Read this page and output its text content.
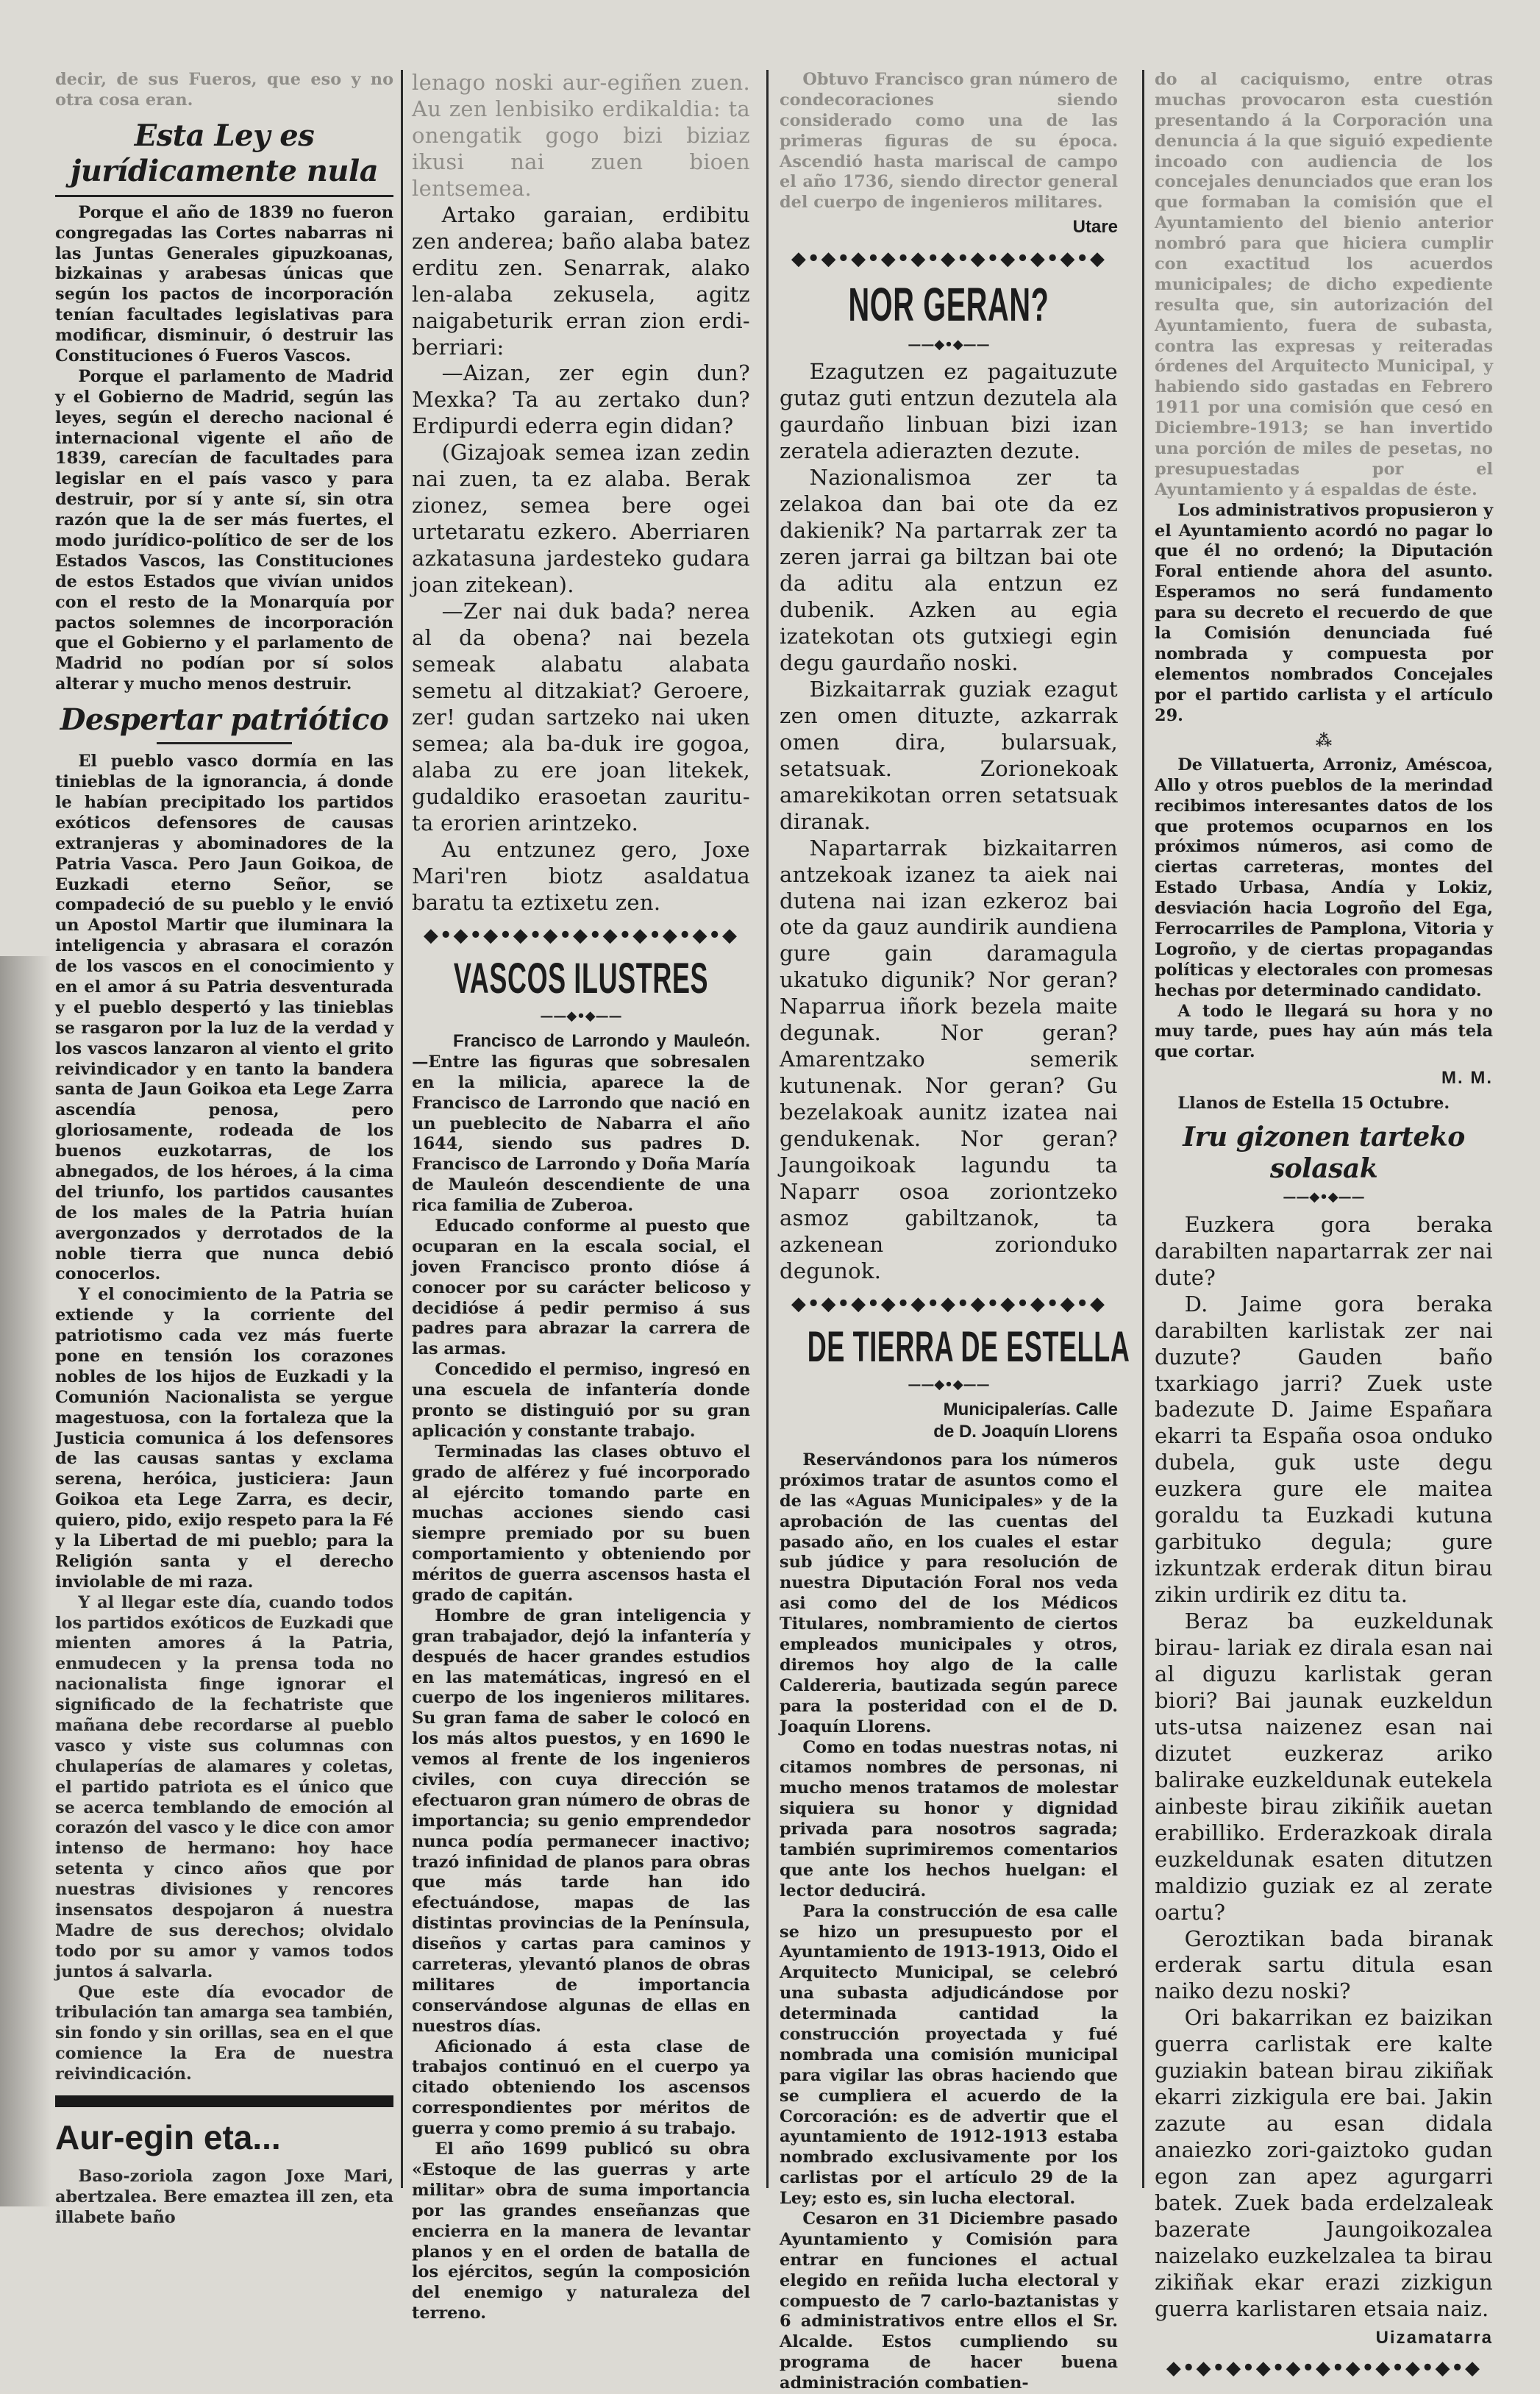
decir, de sus Fueros, que eso y no otra cosa eran.

Esta Ley es jurídicamente nula

Porque el año de 1839 no fueron congregadas las Cortes nabarras ni las Juntas Generales gipuzkoanas, bizkainas y arabesas únicas que según los pactos de incorporación tenían facultades legislativas para modificar, disminuir, ó destruir las Constituciones ó Fueros Vascos.

Porque el parlamento de Madrid y el Gobierno de Madrid, según las leyes, según el derecho nacional é internacional vigente el año de 1839, carecían de facultades para legislar en el país vasco y para destruir, por sí y ante sí, sin otra razón que la de ser más fuertes, el modo jurídico-político de ser de los Estados Vascos, las Constituciones de estos Estados que vivían unidos con el resto de la Monarquía por pactos solemnes de incorporación que el Gobierno y el parlamento de Madrid no podían por sí solos alterar y mucho menos destruir.

Despertar patriótico

El pueblo vasco dormía en las tinieblas de la ignorancia, á donde le habían precipitado los partidos exóticos defensores de causas extranjeras y abominadores de la Patria Vasca. Pero Jaun Goikoa, de Euzkadi eterno Señor, se compadeció de su pueblo y le envió un Apostol Martir que iluminara la inteligencia y abrasara el corazón de los vascos en el conocimiento y en el amor á su Patria desventurada y el pueblo despertó y las tinieblas se rasgaron por la luz de la verdad y los vascos lanzaron al viento el grito reivindicador y en tanto la bandera santa de Jaun Goikoa eta Lege Zarra ascendía penosa, pero gloriosamente, rodeada de los buenos euzkotarras, de los abnegados, de los héroes, á la cima del triunfo, los partidos causantes de los males de la Patria huían avergonzados y derrotados de la noble tierra que nunca debió conocerlos.

Y el conocimiento de la Patria se extiende y la corriente del patriotismo cada vez más fuerte pone en tensión los corazones nobles de los hijos de Euzkadi y la Comunión Nacionalista se yergue magestuosa, con la fortaleza que la Justicia comunica á los defensores de las causas santas y exclama serena, heróica, justiciera: Jaun Goikoa eta Lege Zarra, es decir, quiero, pido, exijo respeto para la Fé y la Libertad de mi pueblo; para la Religión santa y el derecho inviolable de mi raza.

Y al llegar este día, cuando todos los partidos exóticos de Euzkadi que mienten amores á la Patria, enmudecen y la prensa toda no nacionalista finge ignorar el significado de la fechatriste que mañana debe recordarse al pueblo vasco y viste sus columnas con chulaperías de alamares y coletas, el partido patriota es el único que se acerca temblando de emoción al corazón del vasco y le dice con amor intenso de hermano: hoy hace setenta y cinco años que por nuestras divisiones y rencores insensatos despojaron á nuestra Madre de sus derechos; olvidalo todo por su amor y vamos todos juntos á salvarla.

Que este día evocador de tribulación tan amarga sea también, sin fondo y sin orillas, sea en el que comience la Era de nuestra reivindicación.

Aur-egin eta...

Baso-zoriola zagon Joxe Mari, abertzalea. Bere emaztea ill zen, eta illabete baño

lenago noski aur-egiñen zuen. Au zen lenbisiko erdikaldia: ta onengatik gogo bizi biziaz ikusi nai zuen bioen lentsemea.

Artako garaian, erdibitu zen anderea; baño alaba batez erditu zen. Senarrak, alako len-alaba zekusela, agitz naigabeturik erran zion erdi-berriari:

—Aizan, zer egin dun? Mexka? Ta au zertako dun? Erdipurdi ederra egin didan?

(Gizajoak semea izan zedin nai zuen, ta ez alaba. Berak zionez, semea bere ogei urtetaratu ezkero. Aberriaren azkatasuna jardesteko gudara joan zitekean).

—Zer nai duk bada? nerea al da obena? nai bezela semeak alabatu alabata semetu al ditzakiat? Geroere, zer! gudan sartzeko nai uken semea; ala ba-duk ire gogoa, alaba zu ere joan litekek, gudaldiko erasoetan zauritu-ta erorien arintzeko.

Au entzunez gero, Joxe Mari'ren biotz asaldatua baratu ta eztixetu zen.

◆•◆•◆•◆•◆•◆•◆•◆•◆•◆•◆
VASCOS ILUSTRES
——◆•◆——

Francisco de Larrondo y Mauleón.—Entre las figuras que sobresalen en la milicia, aparece la de Francisco de Larrondo que nació en un pueblecito de Nabarra el año 1644, siendo sus padres D. Francisco de Larrondo y Doña María de Mauleón descendiente de una rica familia de Zuberoa.

Educado conforme al puesto que ocuparan en la escala social, el joven Francisco pronto dióse á conocer por su carácter belicoso y decidióse á pedir permiso á sus padres para abrazar la carrera de las armas.

Concedido el permiso, ingresó en una escuela de infantería donde pronto se distinguió por su gran aplicación y constante trabajo.

Terminadas las clases obtuvo el grado de alférez y fué incorporado al ejército tomando parte en muchas acciones siendo casi siempre premiado por su buen comportamiento y obteniendo por méritos de guerra ascensos hasta el grado de capitán.

Hombre de gran inteligencia y gran trabajador, dejó la infantería y después de hacer grandes estudios en las matemáticas, ingresó en el cuerpo de los ingenieros militares. Su gran fama de saber le colocó en los más altos puestos, y en 1690 le vemos al frente de los ingenieros civiles, con cuya dirección se efectuaron gran número de obras de importancia; su genio emprendedor nunca podía permanecer inactivo; trazó infinidad de planos para obras que más tarde han ido efectuándose, mapas de las distintas provincias de la Península, diseños y cartas para caminos y carreteras, ylevantó planos de obras militares de importancia conservándose algunas de ellas en nuestros días.

Aficionado á esta clase de trabajos continuó en el cuerpo ya citado obteniendo los ascensos correspondientes por méritos de guerra y como premio á su trabajo.

El año 1699 publicó su obra «Estoque de las guerras y arte militar» obra de suma importancia por las grandes enseñanzas que encierra en la manera de levantar planos y en el orden de batalla de los ejércitos, según la composición del enemigo y naturaleza del terreno.

Obtuvo Francisco gran número de condecoraciones siendo considerado como una de las primeras figuras de su época. Ascendió hasta mariscal de campo el año 1736, siendo director general del cuerpo de ingenieros militares.

Utare
◆•◆•◆•◆•◆•◆•◆•◆•◆•◆•◆
NOR GERAN?
——◆•◆——

Ezagutzen ez pagaituzute gutaz guti entzun dezutela ala gaurdaño linbuan bizi izan zeratela adierazten dezute.

Nazionalismoa zer ta zelakoa dan bai ote da ez dakienik? Na partarrak zer ta zeren jarrai ga biltzan bai ote da aditu ala entzun ez dubenik. Azken au egia izatekotan ots gutxiegi egin degu gaurdaño noski.

Bizkaitarrak guziak ezagut zen omen dituzte, azkarrak omen dira, bularsuak, setatsuak. Zorionekoak amarekikotan orren setatsuak diranak.

Napartarrak bizkaitarren antzekoak izanez ta aiek nai dutena nai izan ezkeroz bai ote da gauz aundirik aundiena gure gain daramagula ukatuko digunik? Nor geran? Naparrua iñork bezela maite degunak. Nor geran? Amarentzako semerik kutunenak. Nor geran? Gu bezelakoak aunitz izatea nai gendukenak. Nor geran? Jaungoikoak lagundu ta Naparr osoa zoriontzeko asmoz gabiltzanok, ta azkenean zorionduko degunok.

◆•◆•◆•◆•◆•◆•◆•◆•◆•◆•◆
DE TIERRA DE ESTELLA
——◆•◆——
Municipalerías. Calle
de D. Joaquín Llorens

Reservándonos para los números próximos tratar de asuntos como el de las «Aguas Municipales» y de la aprobación de las cuentas del pasado año, en los cuales el estar sub júdice y para resolución de nuestra Diputación Foral nos veda asi como del de los Médicos Titulares, nombramiento de ciertos empleados municipales y otros, diremos hoy algo de la calle Caldereria, bautizada según parece para la posteridad con el de D. Joaquín Llorens.

Como en todas nuestras notas, ni citamos nombres de personas, ni mucho menos tratamos de molestar siquiera su honor y dignidad privada para nosotros sagrada; también suprimiremos comentarios que ante los hechos huelgan: el lector deducirá.

Para la construcción de esa calle se hizo un presupuesto por el Ayuntamiento de 1913-1913, Oido el Arquitecto Municipal, se celebró una subasta adjudicándose por determinada cantidad la construcción proyectada y fué nombrada una comisión municipal para vigilar las obras haciendo que se cumpliera el acuerdo de la Corcoración: es de advertir que el ayuntamiento de 1912-1913 estaba nombrado exclusivamente por los carlistas por el artículo 29 de la Ley; esto es, sin lucha electoral.

Cesaron en 31 Diciembre pasado Ayuntamiento y Comisión para entrar en funciones el actual elegido en reñida lucha electoral y compuesto de 7 carlo-baztanistas y 6 administrativos entre ellos el Sr. Alcalde. Estos cumpliendo su programa de hacer buena administración combatien-

do al caciquismo, entre otras muchas provocaron esta cuestión presentando á la Corporación una denuncia á la que siguió expediente incoado con audiencia de los concejales denunciados que eran los que formaban la comisión que el Ayuntamiento del bienio anterior nombró para que hiciera cumplir con exactitud los acuerdos municipales; de dicho expediente resulta que, sin autorización del Ayuntamiento, fuera de subasta, contra las expresas y reiteradas órdenes del Arquitecto Municipal, y habiendo sido gastadas en Febrero 1911 por una comisión que cesó en Diciembre-1913; se han invertido una porción de miles de pesetas, no presupuestadas por el Ayuntamiento y á espaldas de éste.

Los administrativos propusieron y el Ayuntamiento acordó no pagar lo que él no ordenó; la Diputación Foral entiende ahora del asunto. Esperamos no será fundamento para su decreto el recuerdo de que la Comisión denunciada fué nombrada y compuesta por elementos nombrados Concejales por el partido carlista y el artículo 29.

⁂

De Villatuerta, Arroniz, Améscoa, Allo y otros pueblos de la merindad recibimos interesantes datos de los que protemos ocuparnos en los próximos números, asi como de ciertas carreteras, montes del Estado Urbasa, Andía y Lokiz, desviación hacia Logroño del Ega, Ferrocarriles de Pamplona, Vitoria y Logroño, y de ciertas propagandas políticas y electorales con promesas hechas por determinado candidato.

A todo le llegará su hora y no muy tarde, pues hay aún más tela que cortar.

M. M.

Llanos de Estella 15 Octubre.

Iru gizonen tarteko solasak
——◆•◆——

Euzkera gora beraka darabilten napartarrak zer nai dute?

D. Jaime gora beraka darabilten karlistak zer nai duzute? Gauden baño txarkiago jarri? Zuek uste badezute D. Jaime Españara ekarri ta España osoa onduko dubela, guk uste degu euzkera gure ele maitea goraldu ta Euzkadi kutuna garbituko degula; gure izkuntzak erderak ditun birau zikin urdirik ez ditu ta.

Beraz ba euzkeldunak birau- lariak ez dirala esan nai al diguzu karlistak geran biori? Bai jaunak euzkeldun uts-utsa naizenez esan nai dizutet euzkeraz ariko balirake euzkeldunak eutekela ainbeste birau zikiñik auetan erabilliko. Erderazkoak dirala euzkeldunak esaten ditutzen maldizio guziak ez al zerate oartu?

Geroztikan bada biranak erderak sartu ditula esan naiko dezu noski?

Ori bakarrikan ez baizikan guerra carlistak ere kalte guziakin batean birau zikiñak ekarri zizkigula ere bai. Jakin zazute au esan didala anaiezko zori-gaiztoko gudan egon zan apez agurgarri batek. Zuek bada erdelzaleak bazerate Jaungoikozalea naizelako euzkelzalea ta birau zikiñak ekar erazi zizkigun guerra karlistaren etsaia naiz.

Uizamatarra
◆•◆•◆•◆•◆•◆•◆•◆•◆•◆•◆
